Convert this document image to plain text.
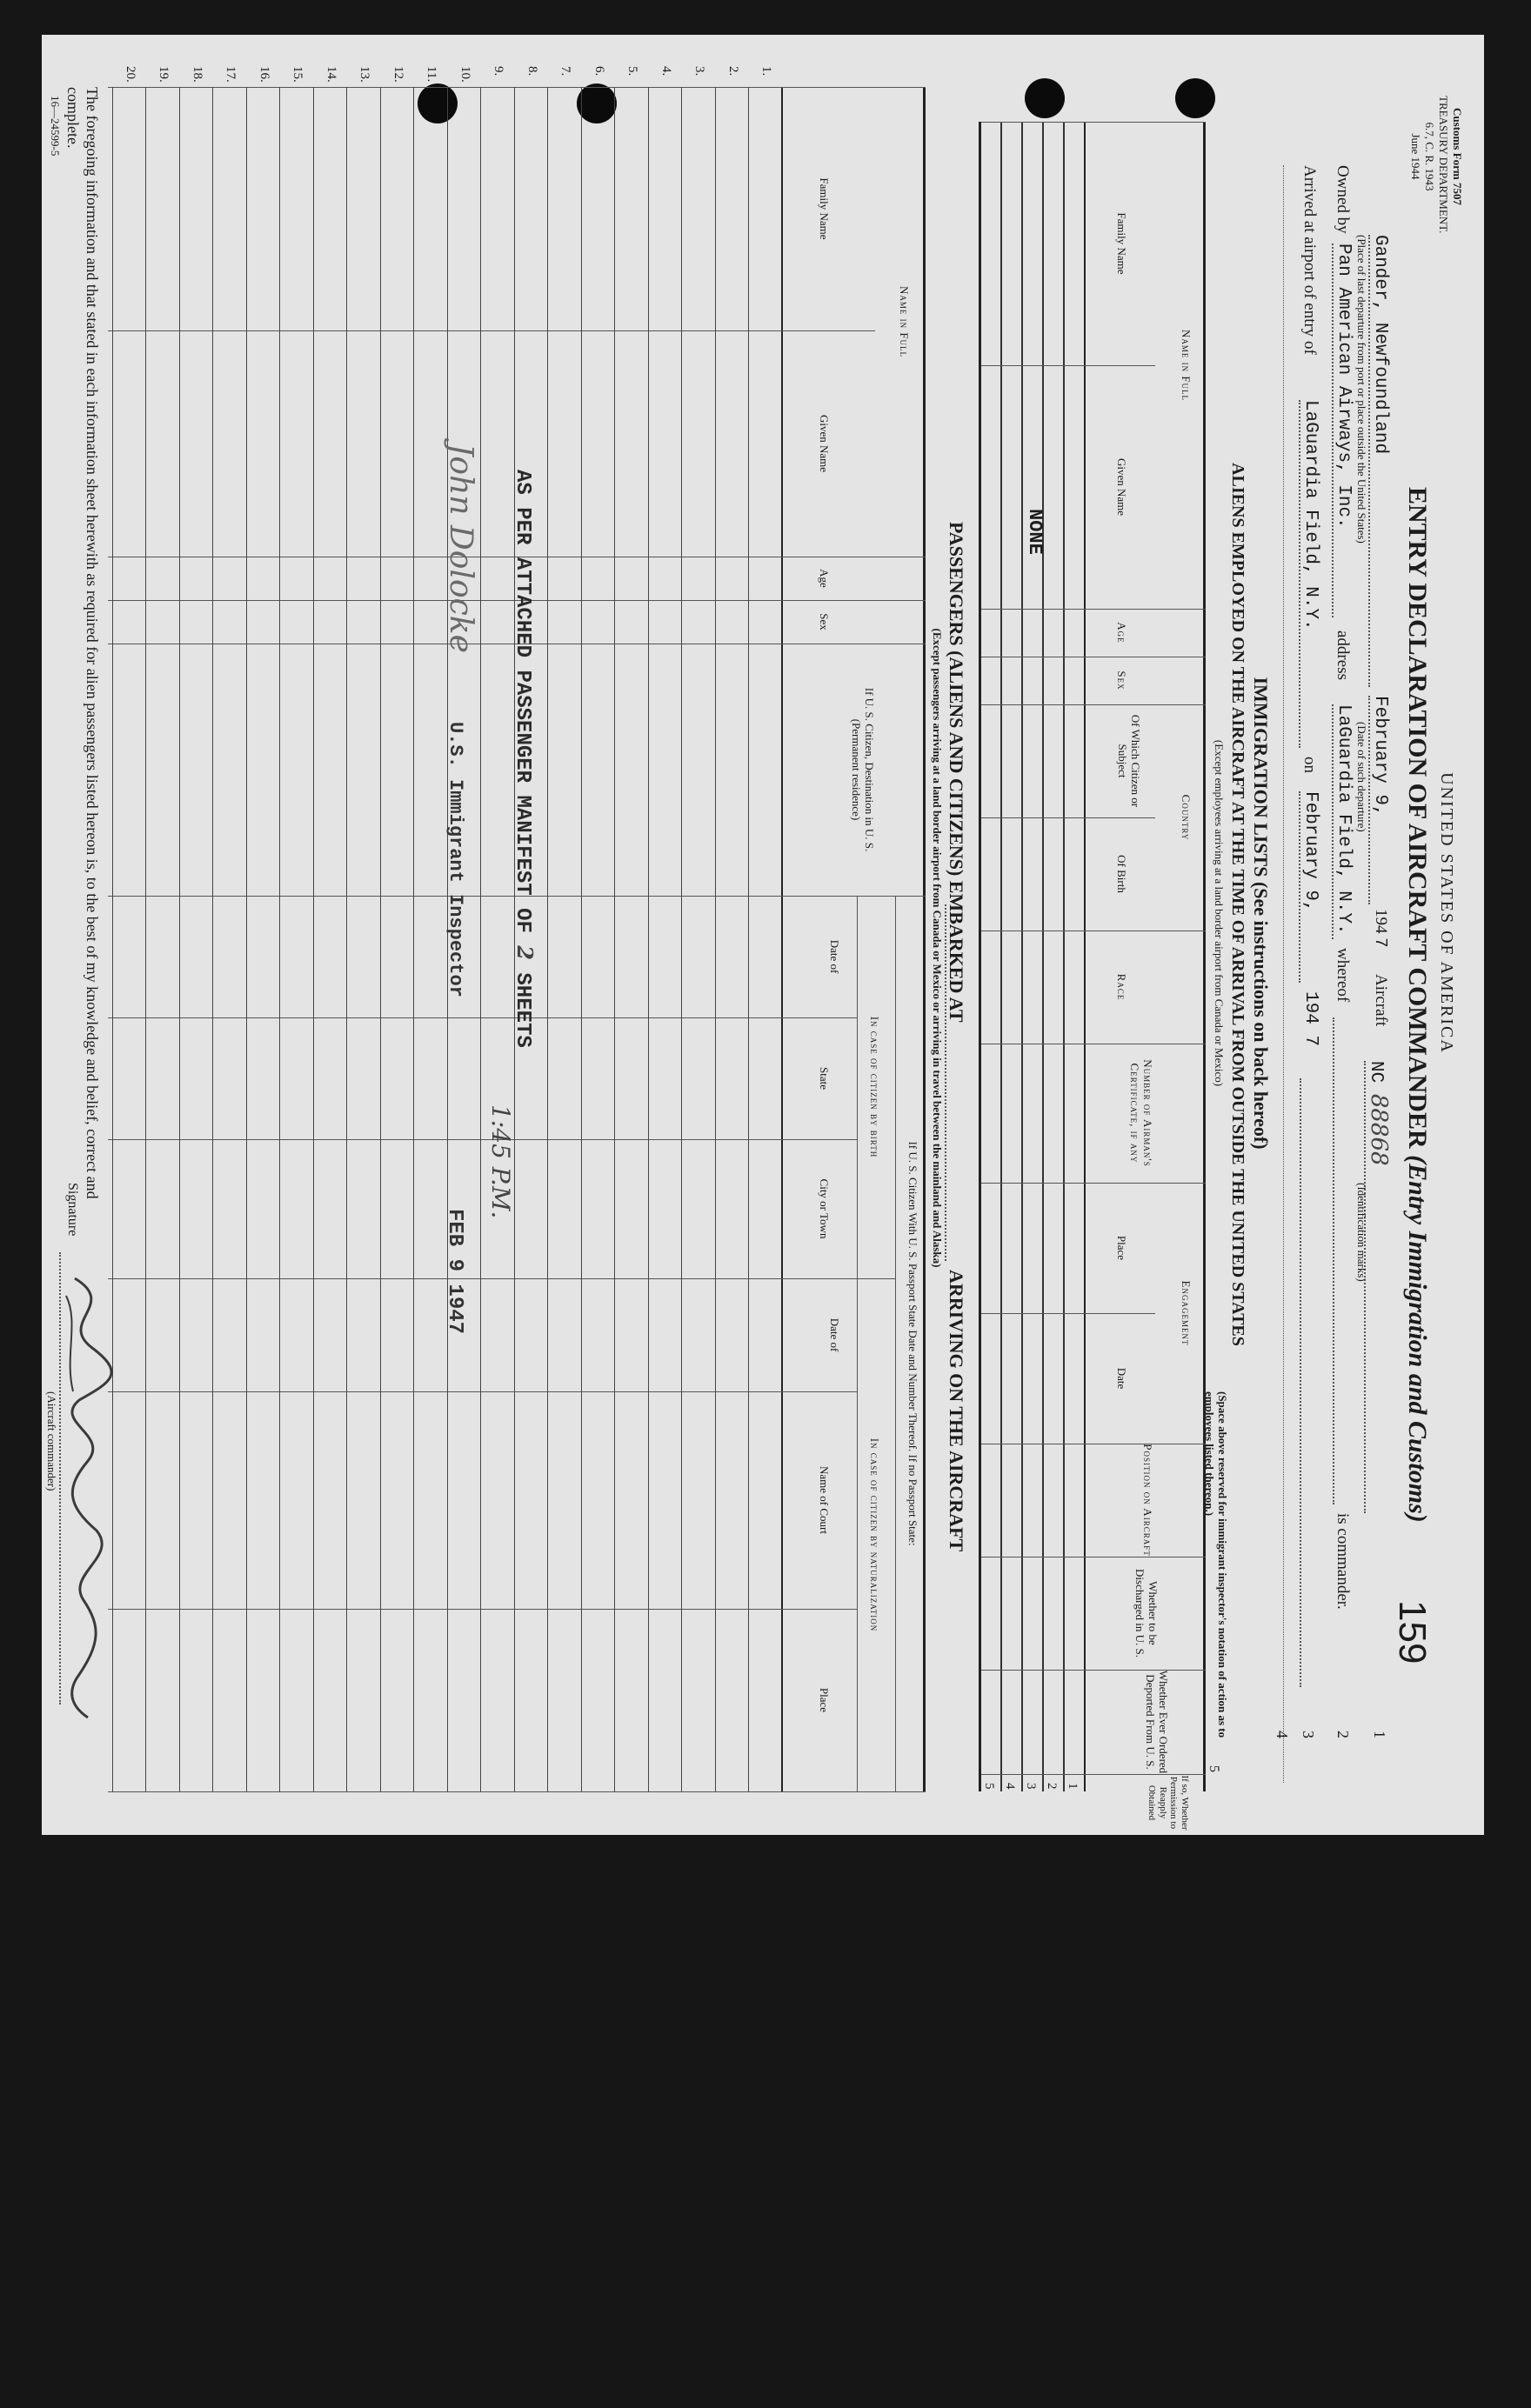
Customs Form 7507
TREASURY DEPARTMENT.
6.7, C. R. 1943
June 1944
UNITED STATES OF AMERICA
ENTRY DECLARATION OF AIRCRAFT COMMANDER (Entry Immigration and Customs)
159
Gander, Newfoundland
February 9,
194 7
Aircraft
NC 88868
1
(Place of last departure from port or place outside the United States)
(Date of such departure)
(Identification marks)
Owned by
Pan American Airways, Inc.
address
LaGuardia Field, N.Y.
whereof
is commander.
2
Arrived at airport of entry of
LaGuardia Field, N.Y.
on
February 9,
194 7
3
4
IMMIGRATION LISTS (See instructions on back hereof)
ALIENS EMPLOYED ON THE AIRCRAFT AT THE TIME OF ARRIVAL FROM OUTSIDE THE UNITED STATES
(Except employees arriving at a land border airport from Canada or Mexico)
(Space above reserved for immigrant inspector's notation of action as to employees listed thereon.)
5
Name in Full
Family Name
Given Name
Age
Sex
Country
Of Which Citizen or Subject
Of Birth
Race
Number of Airman's Certificate, if any
Engagement
Place
Date
Position on Aircraft
Whether to be Discharged in U. S.
Whether Ever Ordered Deported From U. S.
If so, Whether Permission to Reapply Obtained
NONE
1
2
3
4
5
PASSENGERS (ALIENS AND CITIZENS) EMBARKED AT
ARRIVING ON THE AIRCRAFT
(Except passengers arriving at a land border airport from Canada or Mexico or arriving in travel between the mainland and Alaska)
Name in Full
Family Name
Given Name
Age
Sex
If U. S. Citizen, Destination in U. S. (Permanent residence)
If U. S. Citizen With U. S. Passport State Date and Number Thereof. If no Passport State:
In case of citizen by birth
In case of citizen by naturalization
Date of
State
City or Town
Date of
Name of Court
Place
1.
2.
3.
4.
5.
6.
7.
8.
9.
10.
11.
12.
13.
14.
15.
16.
17.
18.
19.
20.
AS PER ATTACHED PASSENGER MANIFEST OF 2 SHEETS
1:45 P.M.
John Dolocke
U.S. Immigrant Inspector
FEB 9 1947
The foregoing information and that stated in each information sheet herewith as required for alien passengers listed hereon is, to the best of my knowledge and belief, correct and
complete.
16—24599-5
Signature
(Aircraft commander)
